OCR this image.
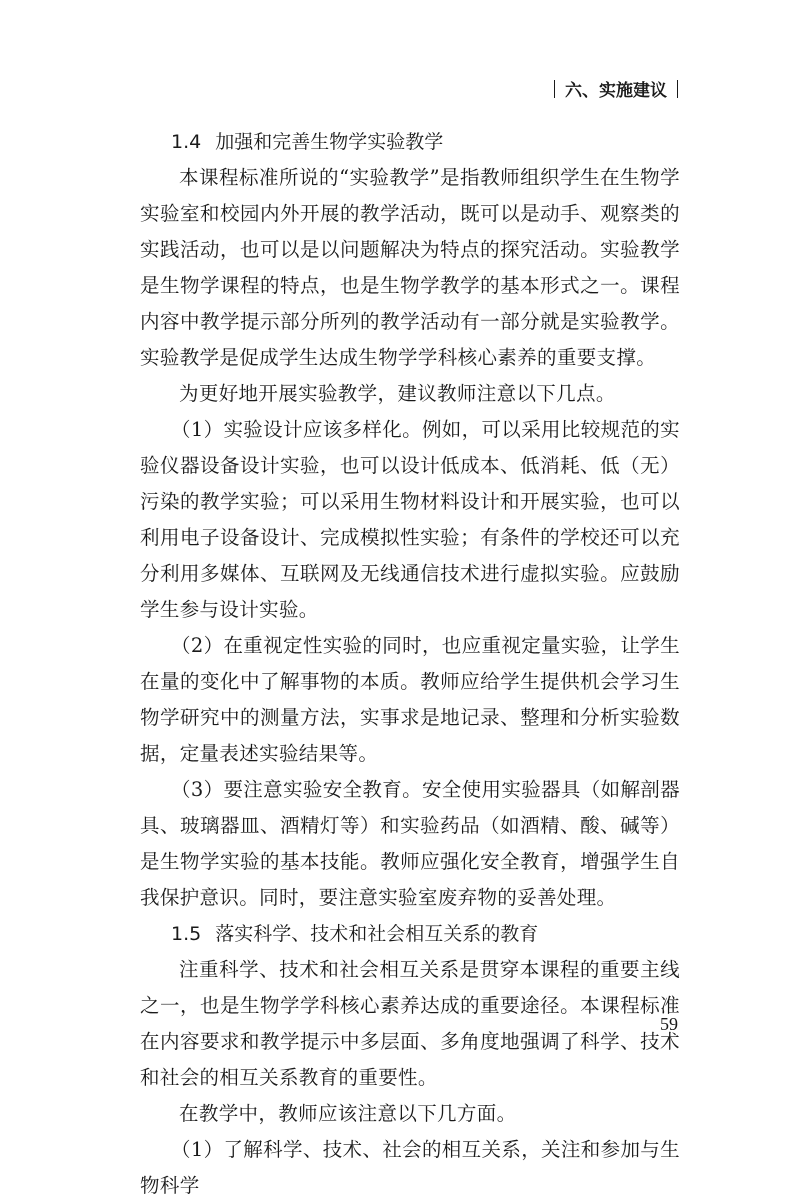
六、实施建议
1.4 加强和完善生物学实验教学

本课程标准所说的“实验教学”是指教师组织学生在生物学实验室和校园内外开展的教学活动，既可以是动手、观察类的实践活动，也可以是以问题解决为特点的探究活动。实验教学是生物学课程的特点，也是生物学教学的基本形式之一。课程内容中教学提示部分所列的教学活动有一部分就是实验教学。实验教学是促成学生达成生物学学科核心素养的重要支撑。

为更好地开展实验教学，建议教师注意以下几点。

（1）实验设计应该多样化。例如，可以采用比较规范的实验仪器设备设计实验，也可以设计低成本、低消耗、低（无）污染的教学实验；可以采用生物材料设计和开展实验，也可以利用电子设备设计、完成模拟性实验；有条件的学校还可以充分利用多媒体、互联网及无线通信技术进行虚拟实验。应鼓励学生参与设计实验。

（2）在重视定性实验的同时，也应重视定量实验，让学生在量的变化中了解事物的本质。教师应给学生提供机会学习生物学研究中的测量方法，实事求是地记录、整理和分析实验数据，定量表述实验结果等。

（3）要注意实验安全教育。安全使用实验器具（如解剖器具、玻璃器皿、酒精灯等）和实验药品（如酒精、酸、碱等）是生物学实验的基本技能。教师应强化安全教育，增强学生自我保护意识。同时，要注意实验室废弃物的妥善处理。

1.5 落实科学、技术和社会相互关系的教育

注重科学、技术和社会相互关系是贯穿本课程的重要主线之一，也是生物学学科核心素养达成的重要途径。本课程标准在内容要求和教学提示中多层面、多角度地强调了科学、技术和社会的相互关系教育的重要性。

在教学中，教师应该注意以下几方面。

（1）了解科学、技术、社会的相互关系，关注和参加与生物科学

59
